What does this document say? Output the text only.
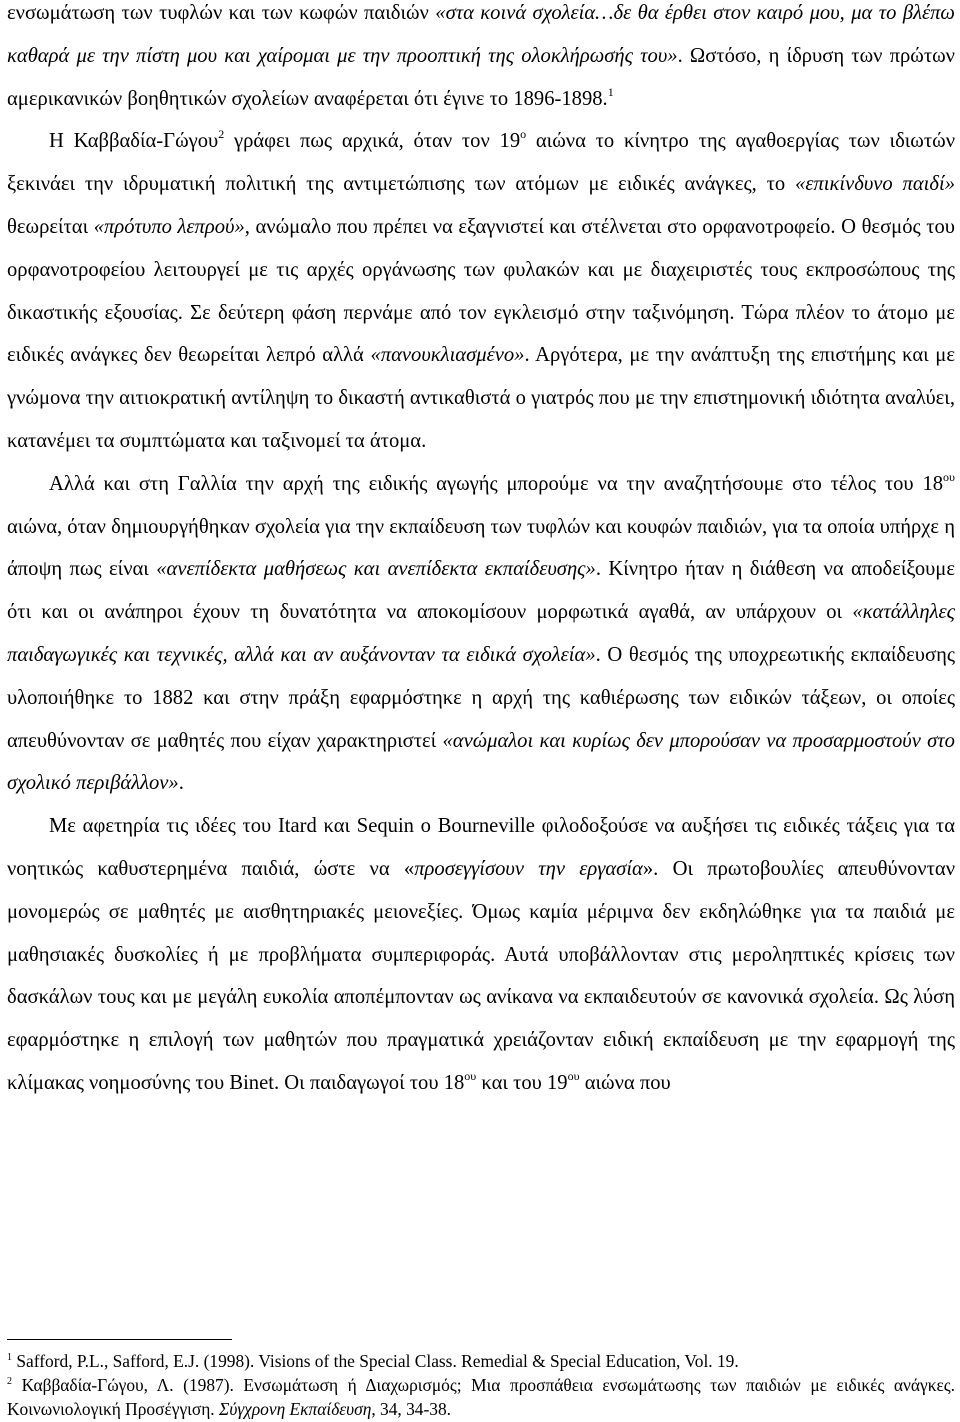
ενσωμάτωση των τυφλών και των κωφών παιδιών «στα κοινά σχολεία…δε θα έρθει στον καιρό μου, μα το βλέπω καθαρά με την πίστη μου και χαίρομαι με την προοπτική της ολοκλήρωσής του». Ωστόσο, η ίδρυση των πρώτων αμερικανικών βοηθητικών σχολείων αναφέρεται ότι έγινε το 1896-1898.$^1$

Η Καββαδία-Γώγου$^2$ γράφει πως αρχικά, όταν τον $19^o$ αιώνα το κίνητρο της αγαθοεργίας των ιδιωτών ξεκινάει την ιδρυματική πολιτική της αντιμετώπισης των ατόμων με ειδικές ανάγκες, το «επικίνδυνο παιδί» θεωρείται «πρότυπο λεπρού», ανώμαλο που πρέπει να εξαγνιστεί και στέλνεται στο ορφανοτροφείο. Ο θεσμός του ορφανοτροφείου λειτουργεί με τις αρχές οργάνωσης των φυλακών και με διαχειριστές τους εκπροσώπους της δικαστικής εξουσίας. Σε δεύτερη φάση περνάμε από τον εγκλεισμό στην ταξινόμηση. Τώρα πλέον το άτομο με ειδικές ανάγκες δεν θεωρείται λεπρό αλλά «πανουκλιασμένο». Αργότερα, με την ανάπτυξη της επιστήμης και με γνώμονα την αιτιοκρατική αντίληψη το δικαστή αντικαθιστά ο γιατρός που με την επιστημονική ιδιότητα αναλύει, κατανέμει τα συμπτώματα και ταξινομεί τα άτομα.

Αλλά και στη Γαλλία την αρχή της ειδικής αγωγής μπορούμε να την αναζητήσουμε στο τέλος του $18^{o\upsilon}$ αιώνα, όταν δημιουργήθηκαν σχολεία για την εκπαίδευση των τυφλών και κουφών παιδιών, για τα οποία υπήρχε η άποψη πως είναι «ανεπίδεκτα μαθήσεως και ανεπίδεκτα εκπαίδευσης». Κίνητρο ήταν η διάθεση να αποδείξουμε ότι και οι ανάπηροι έχουν τη δυνατότητα να αποκομίσουν μορφωτικά αγαθά, αν υπάρχουν οι «κατάλληλες παιδαγωγικές και τεχνικές, αλλά και αν αυξάνονταν τα ειδικά σχολεία». Ο θεσμός της υποχρεωτικής εκπαίδευσης υλοποιήθηκε το 1882 και στην πράξη εφαρμόστηκε η αρχή της καθιέρωσης των ειδικών τάξεων, οι οποίες απευθύνονταν σε μαθητές που είχαν χαρακτηριστεί «ανώμαλοι και κυρίως δεν μπορούσαν να προσαρμοστούν στο σχολικό περιβάλλον».

Με αφετηρία τις ιδέες του Itard και Sequin ο Bourneville φιλοδοξούσε να αυξήσει τις ειδικές τάξεις για τα νοητικώς καθυστερημένα παιδιά, ώστε να «προσεγγίσουν την εργασία». Οι πρωτοβουλίες απευθύνονταν μονομερώς σε μαθητές με αισθητηριακές μειονεξίες. Όμως καμία μέριμνα δεν εκδηλώθηκε για τα παιδιά με μαθησιακές δυσκολίες ή με προβλήματα συμπεριφοράς. Αυτά υποβάλλονταν στις μεροληπτικές κρίσεις των δασκάλων τους και με μεγάλη ευκολία αποπέμπονταν ως ανίκανα να εκπαιδευτούν σε κανονικά σχολεία. Ως λύση εφαρμόστηκε η επιλογή των μαθητών που πραγματικά χρειάζονταν ειδική εκπαίδευση με την εφαρμογή της κλίμακας νοημοσύνης του Binet. Οι παιδαγωγοί του $18^{o\upsilon}$ και του $19^{o\upsilon}$ αιώνα που

$^1$ Safford, P.L., Safford, E.J. (1998). Visions of the Special Class. Remedial & Special Education, Vol. 19.

$^2$ Καββαδία-Γώγου, Λ. (1987). Ενσωμάτωση ή Διαχωρισμός; Μια προσπάθεια ενσωμάτωσης των παιδιών με ειδικές ανάγκες. Κοινωνιολογική Προσέγγιση. Σύγχρονη Εκπαίδευση, 34, 34-38.
